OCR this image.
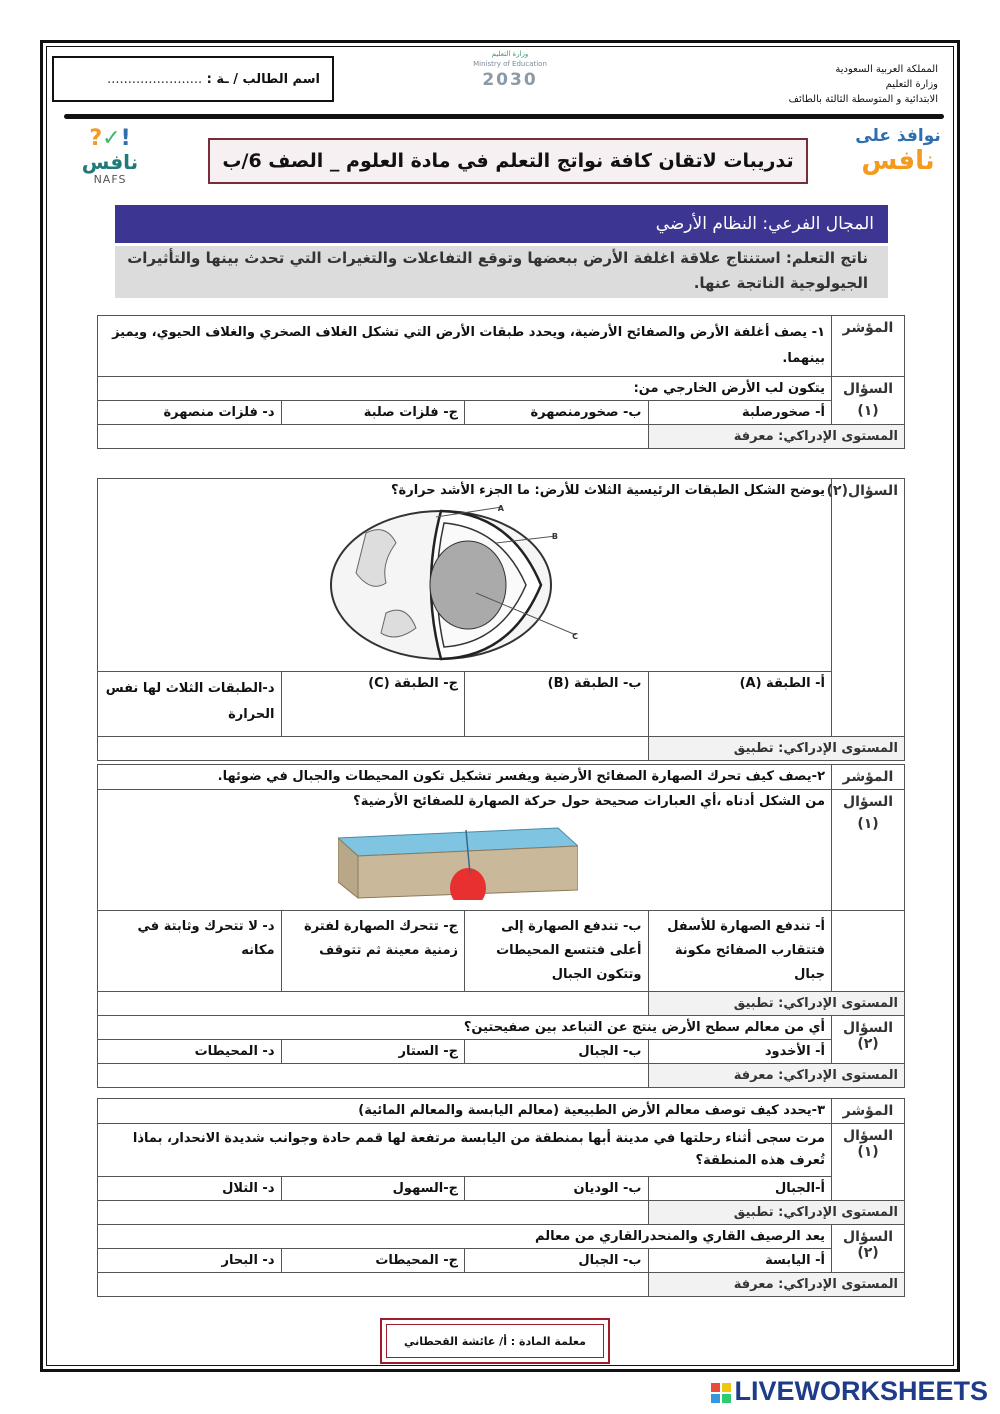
المملكة العربية السعودية
وزارة التعليم
الابتدائية و المتوسطة الثالثة بالطائف
وزارة التعليم
Ministry of Education
2030
اسم الطالب / ـة : .......................
?✓!
نافس
NAFS
تدريبات لاتقان كافة نواتج التعلم في مادة العلوم _ الصف 6/ب
نوافذ على
نافس
المجال الفرعي: النظام الأرضي
ناتج التعلم: استنتاج علاقة اغلفة الأرض ببعضها وتوقع التفاعلات والتغيرات التي تحدث بينها والتأثيرات الجيولوجية الناتجة عنها.
المؤشر	١- يصف أغلفة الأرض والصفائح الأرضية، ويحدد طبقات الأرض التي تشكل الغلاف الصخري والغلاف الحيوي، ويميز بينهما.			

السؤال
(١)	يتكون لب الأرض الخارجي من:			
	أ- صخورصلبة	ب- صخورمنصهرة	ج- فلزات صلبة	د- فلزات منصهرة
المستوى الإدراكي: معرفة				
السؤال(٢)	يوضح الشكل الطبقات الرئيسية الثلاث للأرض: ما الجزء الأشد حرارة؟
A
B
C			

	أ- الطبقة (A)	ب- الطبقة (B)	ج- الطبقة (C)	د-الطبقات الثلاث لها نفس الحرارة
المستوى الإدراكي: تطبيق				
المؤشر	٢-يصف كيف تحرك الصهارة الصفائح الأرضية ويفسر تشكيل تكون المحيطات والجبال في ضوئها.			

السؤال
(١)	من الشكل أدناه ،أي العبارات صحيحة حول حركة الصهارة للصفائح الأرضية؟			

	أ- تندفع الصهارة للأسفل فتتقارب الصفائح مكونة جبال	ب- تندفع الصهارة إلى أعلى فتتسع المحيطات وتتكون الجبال	ج- تتحرك الصهارة لفترة زمنية معينة ثم تتوقف	د- لا تتحرك وثابتة في مكانه
المستوى الإدراكي: تطبيق				

السؤال
(٢)	أي من معالم سطح الأرض ينتج عن التباعد بين صفيحتين؟			
	أ- الأخدود	ب- الجبال	ج- الستار	د- المحيطات
المستوى الإدراكي: معرفة				
المؤشر	٣-يحدد كيف توصف معالم الأرض الطبيعية (معالم اليابسة والمعالم المائية)			

السؤال
(١)	مرت سجى أثناء رحلتها في مدينة أبها بمنطقة من اليابسة مرتفعة لها قمم حادة وجوانب شديدة الانحدار، بماذا تُعرف هذه المنطقة؟			
	أ-الجبال	ب- الوديان	ج-السهول	د- التلال
المستوى الإدراكي: تطبيق				

السؤال
(٢)	يعد الرصيف القاري والمنحدرالقاري من معالم			
	أ- اليابسة	ب- الجبال	ج- المحيطات	د- البحار
المستوى الإدراكي: معرفة				
معلمة المادة : أ/ عائشة القحطاني
LIVEWORKSHEETS
